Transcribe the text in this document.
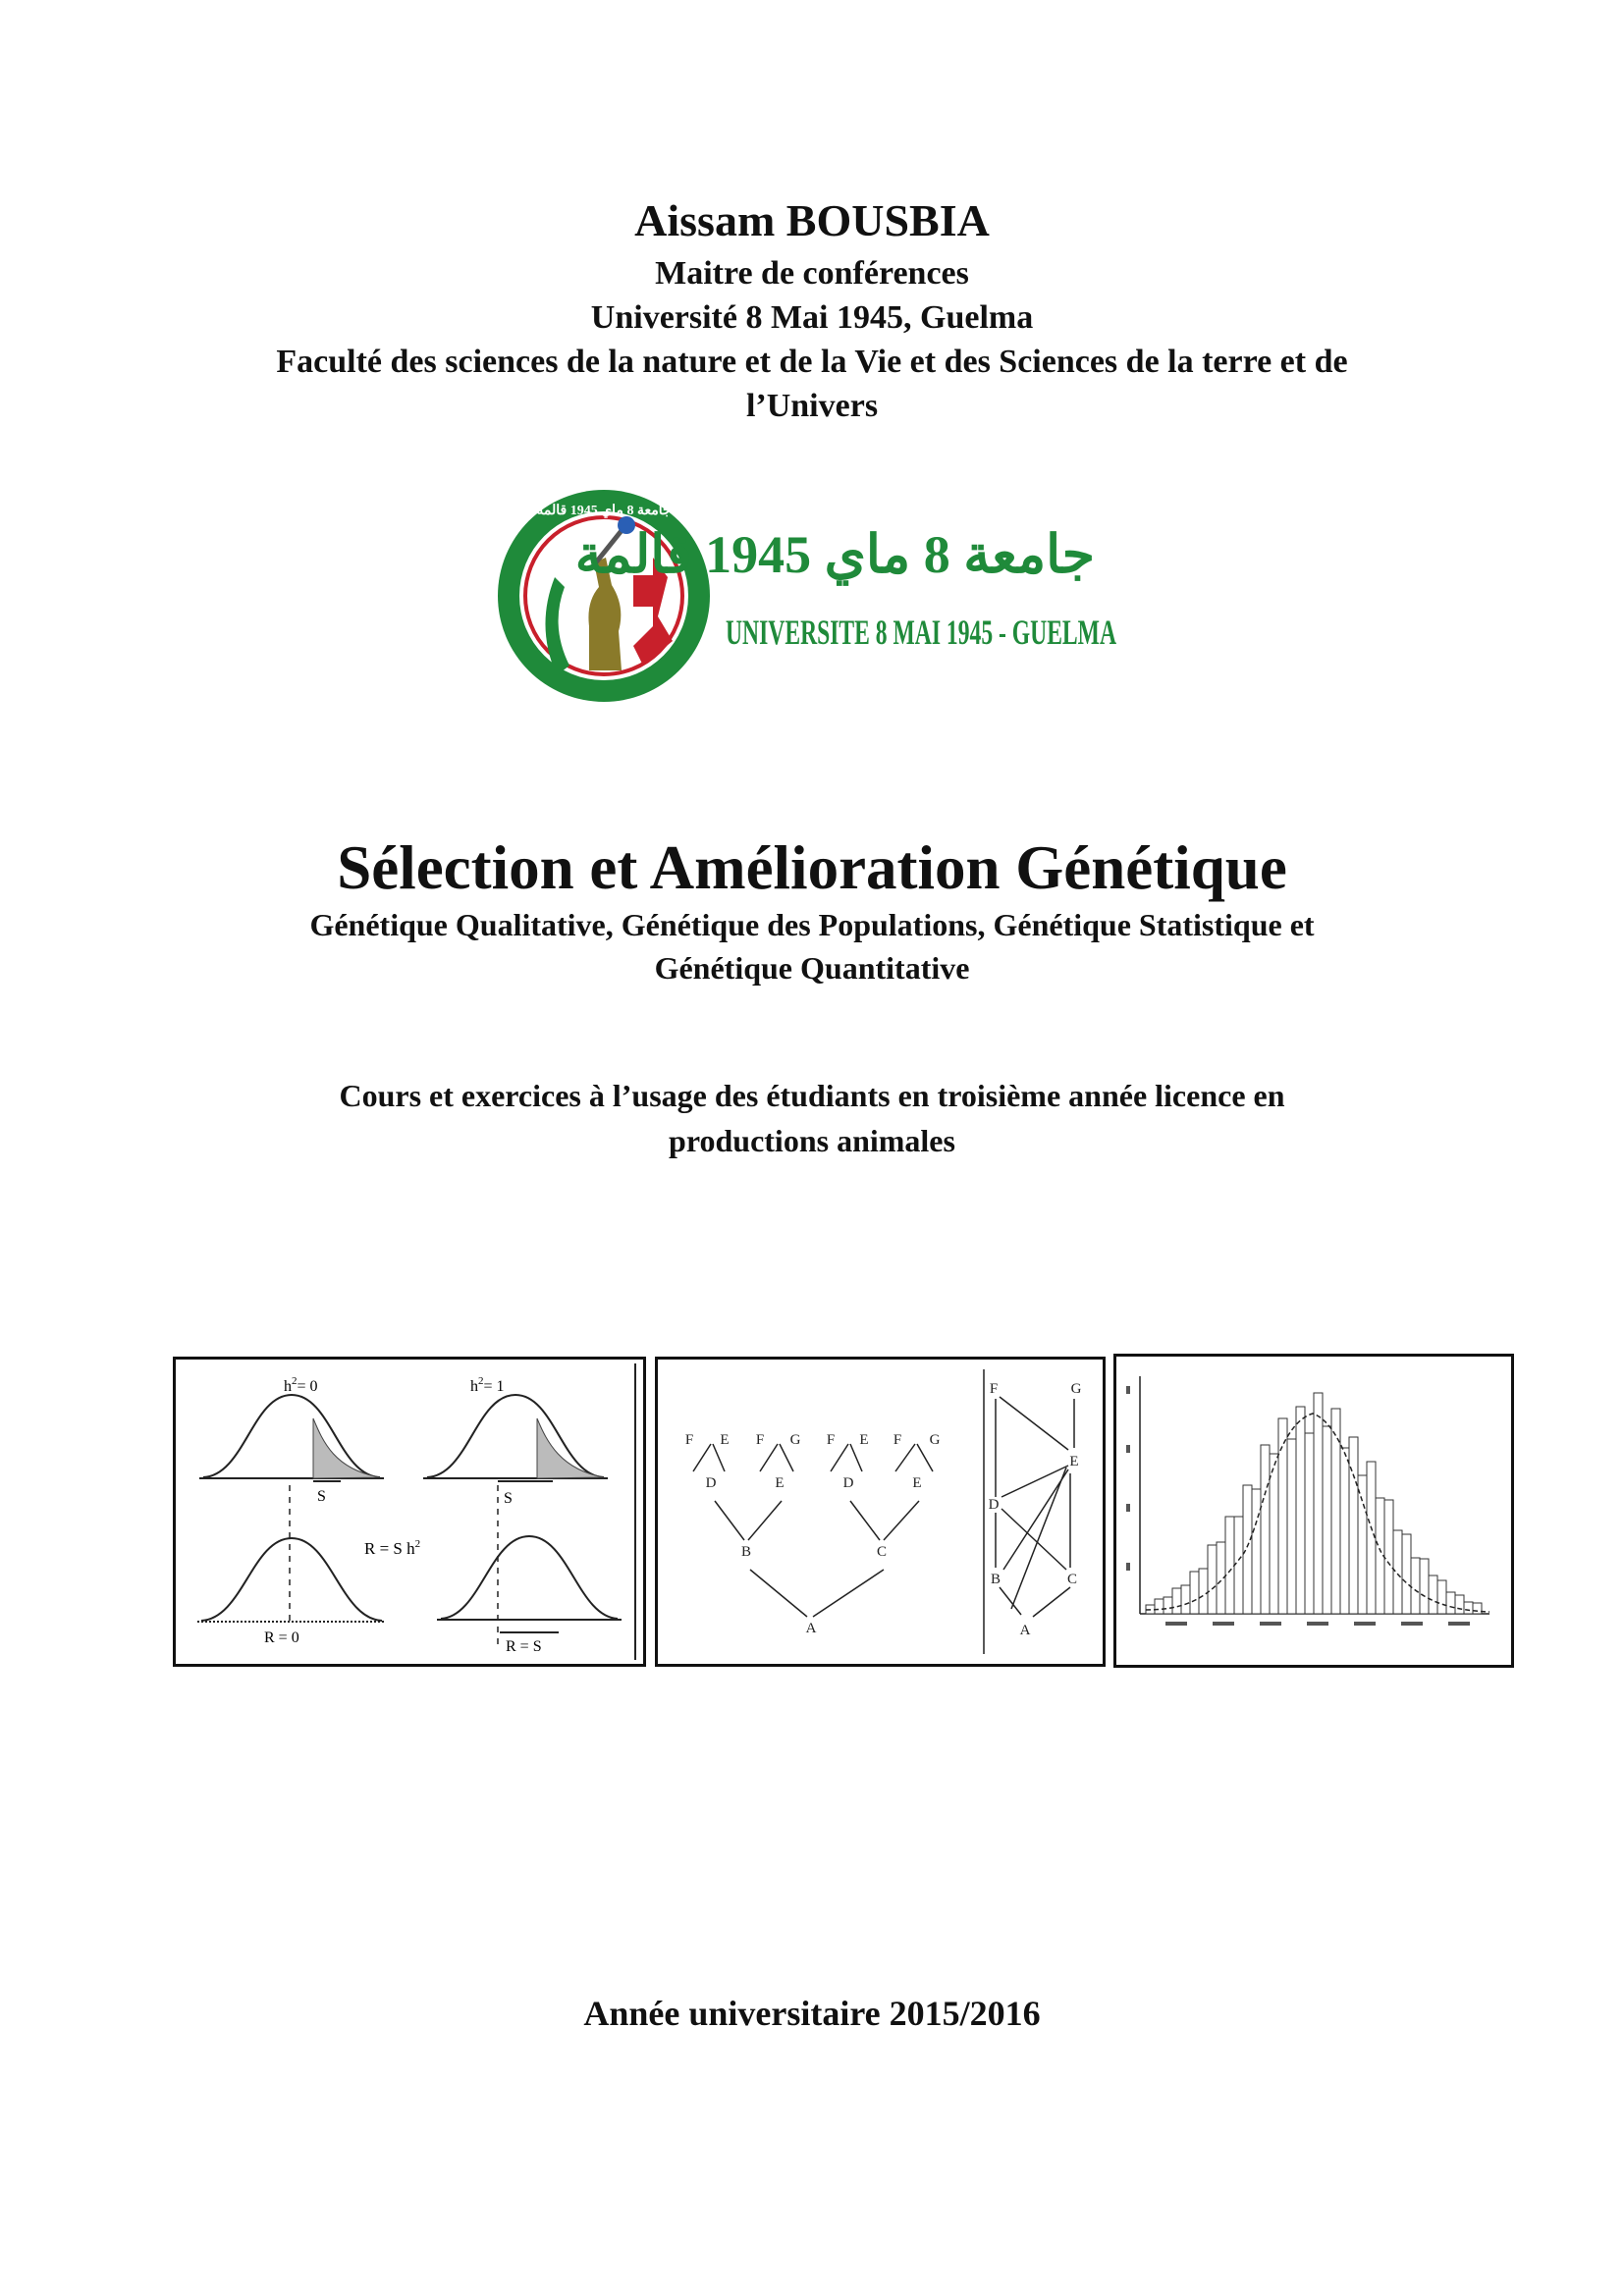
Aissam BOUSBIA
Maitre de conférences
Université 8 Mai 1945, Guelma
Faculté des sciences de la nature et de la Vie et des Sciences de la terre et de
l’Univers
جامعة 8 ماي 1945 قالمة
جامعة 8 ماي 1945 قالمة
UNIVERSITE 8 MAI 1945 - GUELMA
Sélection et Amélioration Génétique
Génétique Qualitative, Génétique des Populations, Génétique Statistique et
Génétique Quantitative
Cours et exercices à l’usage des étudiants en troisième année licence en
productions animales
$h^2= 0$
S
$h^2= 1$
S
R = 0
R = S
R = S $h^2$
F E F G F E F G
D	E	D	E
B	C
A
F	G
E
D
B	C
A
Année universitaire 2015/2016
